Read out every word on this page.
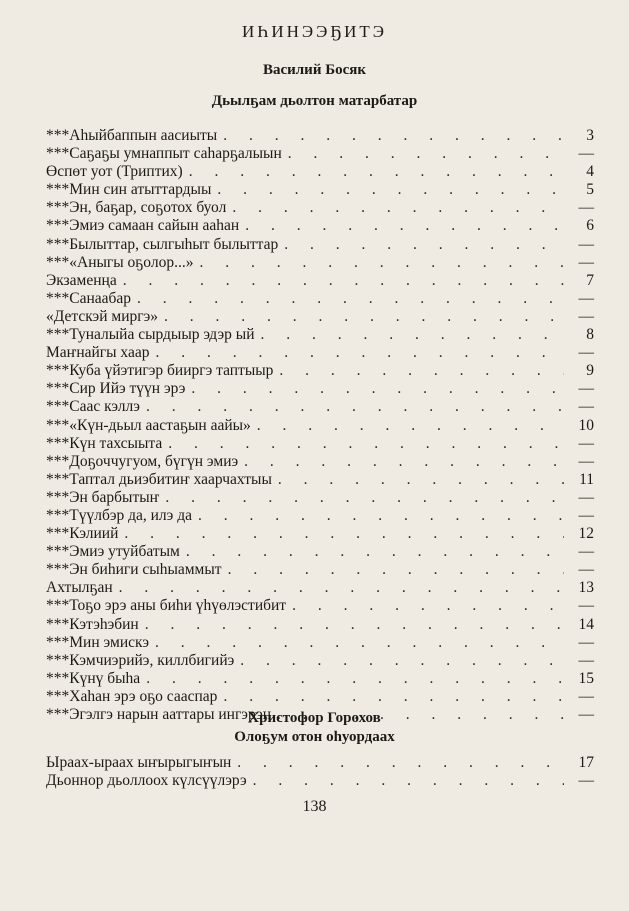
ИҺИНЭЭҔИТЭ
Василий Босяк
Дьылҕам дьолтон матарбатар
***Аһыйбаппын аасиыты . . .	3
***Саҕаҕы умнаппыт саһарҕалыын . . .	—
Өспөт уот (Триптих) . . .	4
***Мин син атыттардыы . . .	5
***Эн, баҕар, соҕотох буол . . .	—
***Эмиэ самаан сайын ааһан . . .	6
***Былыттар, сылгыһыт былыттар . . .	—
***«Аныгы оҕолор...» . . .	—
Экзаменңа . . .	7
***Санаабар . . .	—
«Детскэй миргэ» . . .	—
***Туналыйа сырдыыр эдэр ый . . .	8
Маҥнайгы хаар . . .	—
***Куба үйэтигэр бииргэ таптыыр . . .	9
***Сир Ийэ түүн эрэ . . .	—
***Саас кэллэ . . .	—
***«Күн-дьыл аастаҕын аайы» . . .	10
***Күн тахсыыта . . .	—
***Доҕоччугуом, бүгүн эмиэ . . .	—
***Таптал дьиэбитиҥ хаарчахтыы . . .	11
***Эн барбытыҥ . . .	—
***Түүлбэр да, илэ да . . .	—
***Кэлиий . . .	12
***Эмиэ утуйбатым . . .	—
***Эн биһиги сыһыаммыт . . .	—
Ахтылҕан . . .	13
***Тоҕо эрэ аны биһи үһүөлэстибит . . .	—
***Кэтэһэбин . . .	14
***Мин эмискэ . . .	—
***Кэмчиэрийэ, киллбигийэ . . .	—
***Күнү быһа . . .	15
***Хаһан эрэ оҕо сааспар . . .	—
***Эгэлгэ нарын ааттары ингэрэн . . .	—
Христофор Горохов
Олоҕум отон оһуордаах
Ыраах-ыраах ыҥырыгыҥын . . .	17
Дьоннор дьоллоох күлсүүлэрэ . . .	—
138
